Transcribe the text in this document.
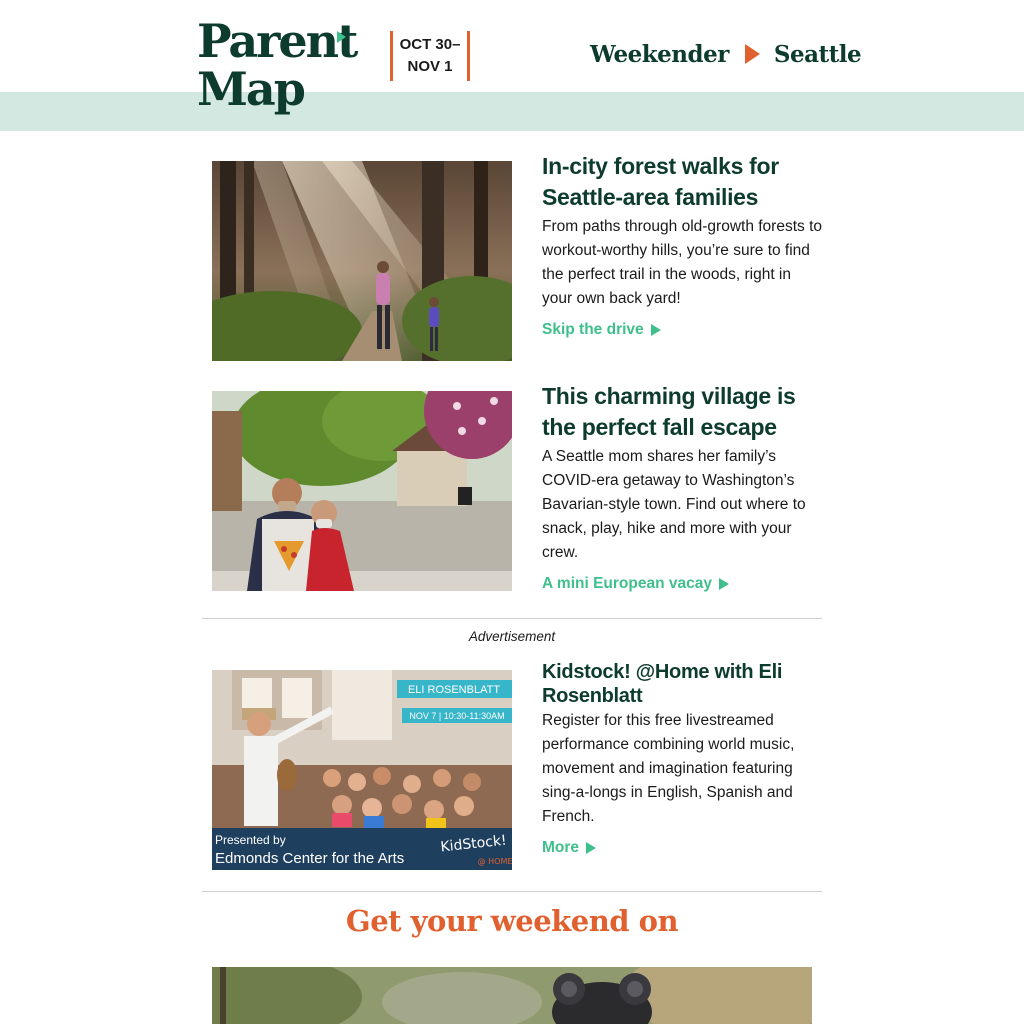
Parent
Map
OCT 30–
NOV 1	Weekender Seattle
In-city forest walks for Seattle-area families
From paths through old-growth forests to workout-worthy hills, you’re sure to find the perfect trail in the woods, right in your own back yard!
Skip the drive
This charming village is the perfect fall escape
A Seattle mom shares her family’s COVID-era getaway to Washington’s Bavarian-style town. Find out where to snack, play, hike and more with your crew.
A mini European vacay
Advertisement
ELI ROSENBLATT
NOV 7 | 10:30-11:30AM
Presented by
Edmonds Center for the Arts
KidStock!
@ HOME
Kidstock! @Home with Eli Rosenblatt
Register for this free livestreamed performance combining world music, movement and imagination featuring sing-a-longs in English, Spanish and French.
More
Get your weekend on
